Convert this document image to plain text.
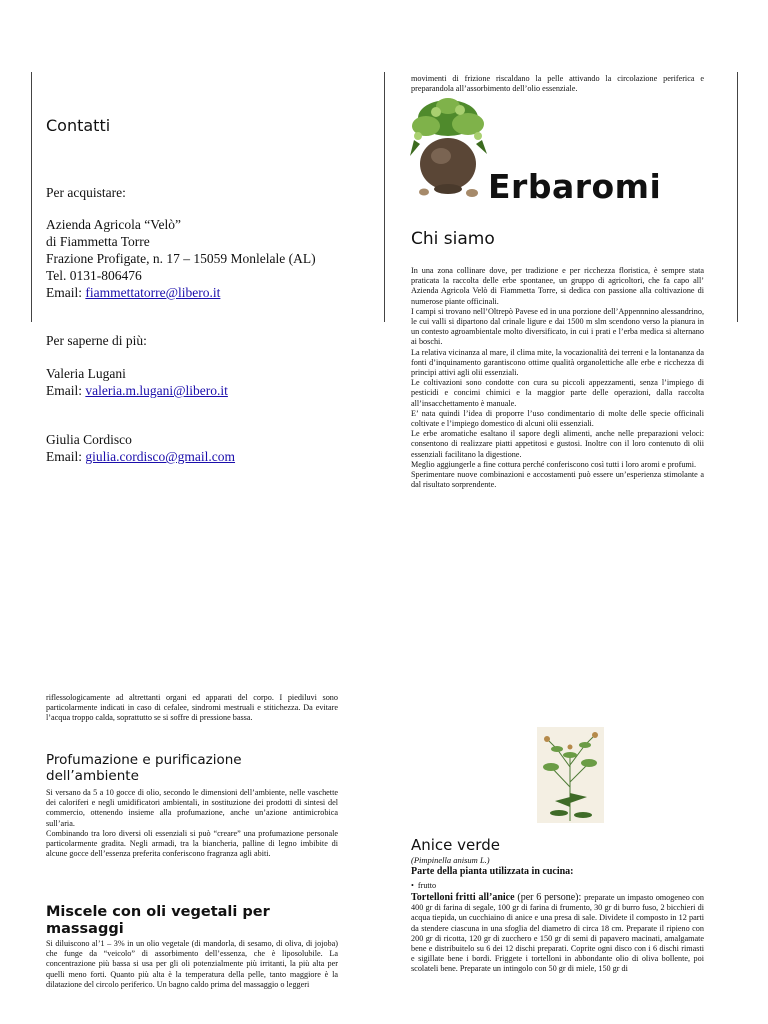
Contatti
Per acquistare:
Azienda Agricola “Velò”
di Fiammetta Torre
Frazione Profigate, n. 17 – 15059 Monlelale (AL)
Tel. 0131-806476
Email: fiammettatorre@libero.it
Per saperne di più:
Valeria Lugani
Email: valeria.m.lugani@libero.it
Giulia Cordisco
Email: giulia.cordisco@gmail.com
movimenti di frizione riscaldano la pelle attivando la circolazione periferica e preparandola all’assorbimento dell’olio essenziale.
Erbaromi
Chi siamo

In una zona collinare dove, per tradizione e per ricchezza floristica, è sempre stata praticata la raccolta delle erbe spontanee, un gruppo di agricoltori, che fa capo all’ Azienda Agricola Velò di Fiammetta Torre, si dedica con passione alla coltivazione di numerose piante officinali.

I campi si trovano nell’Oltrepò Pavese ed in una porzione dell’Appennnino alessandrino, le cui valli si dipartono dal crinale ligure e dai 1500 m slm scendono verso la pianura in un contesto agroambientale molto diversificato, in cui i prati e l’erba medica si alternano ai boschi.

La relativa vicinanza al mare, il clima mite, la vocazionalità dei terreni e la lontananza da fonti d’inquinamento garantiscono ottime qualità organolettiche alle erbe e ricchezza di principi attivi agli olii essenziali.

Le coltivazioni sono condotte con cura su piccoli appezzamenti, senza l’impiego di pesticidi e concimi chimici e la maggior parte delle operazioni, dalla raccolta all’insacchettamento è manuale.

E’ nata quindi l’idea di proporre l’uso condimentario di molte delle specie officinali coltivate e l’impiego domestico di alcuni olii essenziali.

Le erbe aromatiche esaltano il sapore degli alimenti, anche nelle preparazioni veloci: consentono di realizzare piatti appetitosi e gustosi. Inoltre con il loro contenuto di olii essenziali facilitano la digestione.

Meglio aggiungerle a fine cottura perché conferiscono così tutti i loro aromi e profumi.

Sperimentare nuove combinazioni e accostamenti può essere un’esperienza stimolante a dal risultato sorprendente.

riflessologicamente ad altrettanti organi ed apparati del corpo. I piediluvi sono particolarmente indicati in caso di cefalee, sindromi mestruali e stitichezza. Da evitare l’acqua troppo calda, soprattutto se si soffre di pressione bassa.
Profumazione e purificazione dell’ambiente

Si versano da 5 a 10 gocce di olio, secondo le dimensioni dell’ambiente, nelle vaschette dei caloriferi e negli umidificatori ambientali, in sostituzione dei prodotti di sintesi del commercio, ottenendo insieme alla profumazione, anche un’azione antimicrobica sull’aria.

Combinando tra loro diversi oli essenziali si può “creare” una profumazione personale particolarmente gradita. Negli armadi, tra la biancheria, palline di legno imbibite di alcune gocce dell’essenza preferita conferiscono fragranza agli abiti.

Miscele con oli vegetali per massaggi
Si diluiscono al’1 – 3% in un olio vegetale (di mandorla, di sesamo, di oliva, di jojoba) che funge da “veicolo” di assorbimento dell’essenza, che è liposolubile. La concentrazione più bassa si usa per gli oli potenzialmente più irritanti, la più alta per quelli meno forti. Quanto più alta è la temperatura della pelle, tanto maggiore è la dilatazione del circolo periferico. Un bagno caldo prima del massaggio o leggeri
Anice verde
(Pimpinella anisum L.)
Parte della pianta utilizzata in cucina:
• frutto
Tortelloni fritti all’anice (per 6 persone): preparate un impasto omogeneo con 400 gr di farina di segale, 100 gr di farina di frumento, 30 gr di burro fuso, 2 bicchieri di acqua tiepida, un cucchiaino di anice e una presa di sale. Dividete il composto in 12 parti da stendere ciascuna in una sfoglia del diametro di circa 18 cm. Preparate il ripieno con 200 gr di ricotta, 120 gr di zucchero e 150 gr di semi di papavero macinati, amalgamate bene e distribuitelo su 6 dei 12 dischi preparati. Coprite ogni disco con i 6 dischi rimasti e sigillate bene i bordi. Friggete i tortelloni in abbondante olio di oliva bollente, poi scolateli bene. Preparate un intingolo con 50 gr di miele, 150 gr di
